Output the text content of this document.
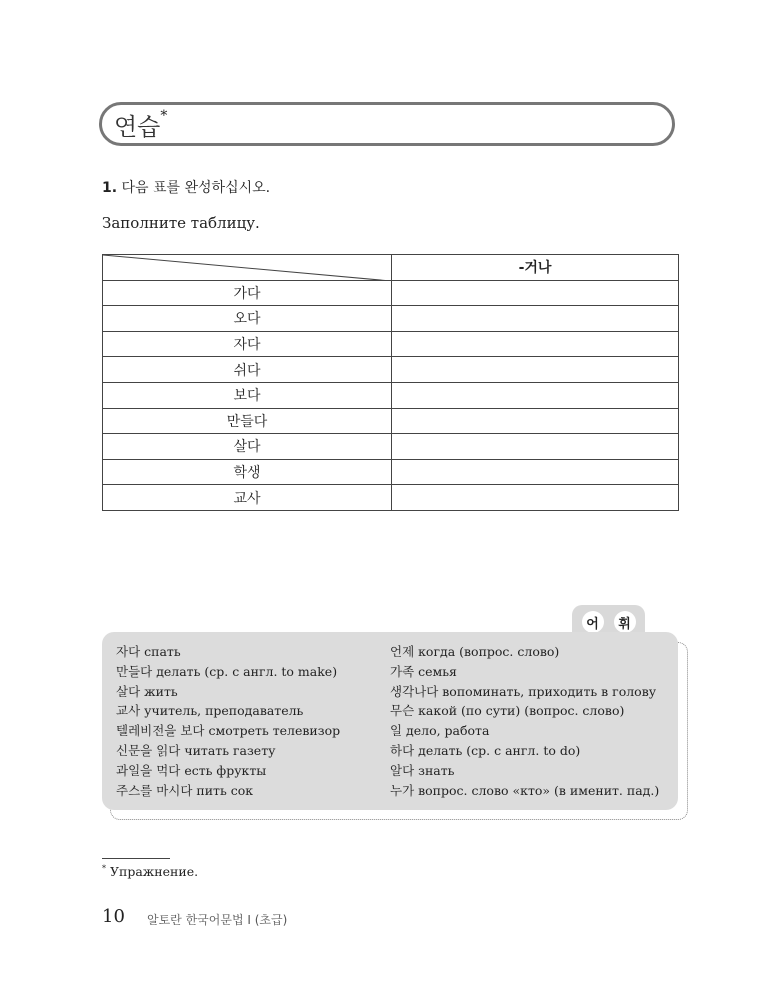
연습 *
1. 다음 표를 완성하십시오.
Заполните таблицу.
	-거나
가다	
오다	
자다	
쉬다	
보다	
만들다	
살다	
학생	
교사	
어	휘
자다 спать
만들다 делать (ср. с англ. to make)
살다 жить
교사 учитель, преподаватель
텔레비전을 보다 смотреть телевизор
신문을 읽다 читать газету
과일을 먹다 есть фрукты
주스를 마시다 пить сок
언제 когда (вопрос. слово)
가족 семья
생각나다 вопоминать, приходить в голову
무슨 какой (по сути) (вопрос. слово)
일 дело, работа
하다 делать (ср. с англ. to do)
알다 знать
누가 вопрос. слово «кто» (в именит. пад.)
* Упражнение.
10 알토란 한국어문법 I (초급)
